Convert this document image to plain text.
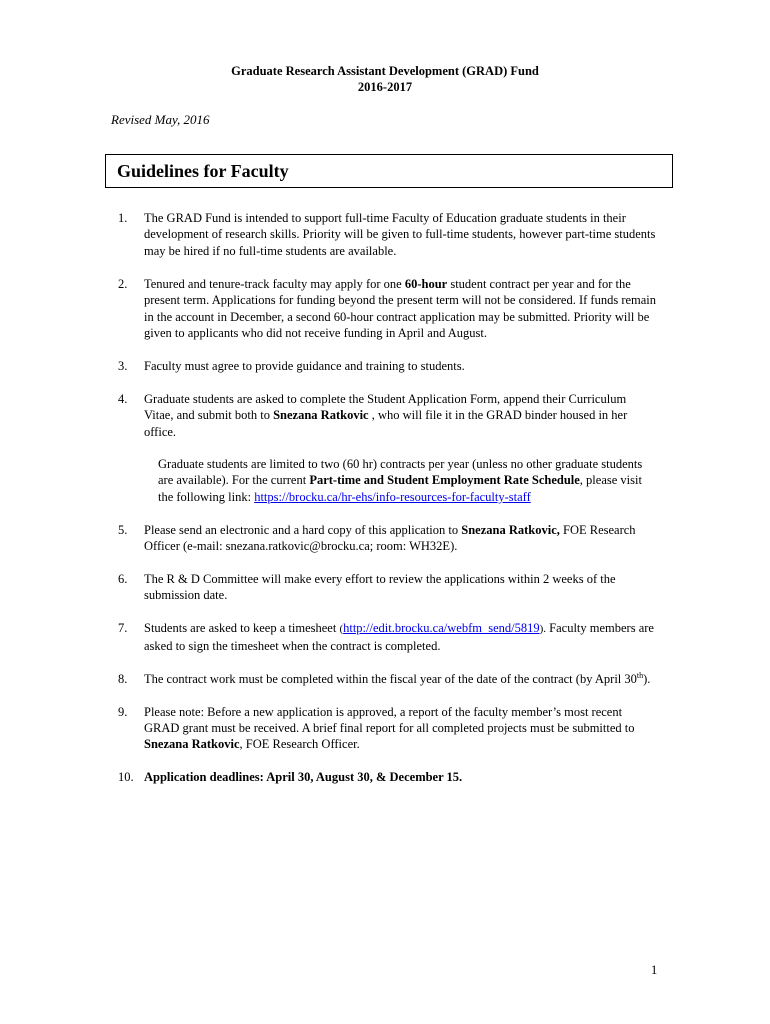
Graduate Research Assistant Development (GRAD) Fund
2016-2017
Revised May, 2016
Guidelines for Faculty
1. The GRAD Fund is intended to support full-time Faculty of Education graduate students in their development of research skills. Priority will be given to full-time students, however part-time students may be hired if no full-time students are available.
2. Tenured and tenure-track faculty may apply for one 60-hour student contract per year and for the present term. Applications for funding beyond the present term will not be considered. If funds remain in the account in December, a second 60-hour contract application may be submitted. Priority will be given to applicants who did not receive funding in April and August.
3. Faculty must agree to provide guidance and training to students.
4. Graduate students are asked to complete the Student Application Form, append their Curriculum Vitae, and submit both to Snezana Ratkovic , who will file it in the GRAD binder housed in her office.
Graduate students are limited to two (60 hr) contracts per year (unless no other graduate students are available). For the current Part-time and Student Employment Rate Schedule, please visit the following link: https://brocku.ca/hr-ehs/info-resources-for-faculty-staff
5. Please send an electronic and a hard copy of this application to Snezana Ratkovic, FOE Research Officer (e-mail: snezana.ratkovic@brocku.ca; room: WH32E).
6. The R & D Committee will make every effort to review the applications within 2 weeks of the submission date.
7. Students are asked to keep a timesheet (http://edit.brocku.ca/webfm_send/5819). Faculty members are asked to sign the timesheet when the contract is completed.
8. The contract work must be completed within the fiscal year of the date of the contract (by April 30th).
9. Please note: Before a new application is approved, a report of the faculty member’s most recent GRAD grant must be received. A brief final report for all completed projects must be submitted to Snezana Ratkovic, FOE Research Officer.
10. Application deadlines: April 30, August 30, & December 15.
1
